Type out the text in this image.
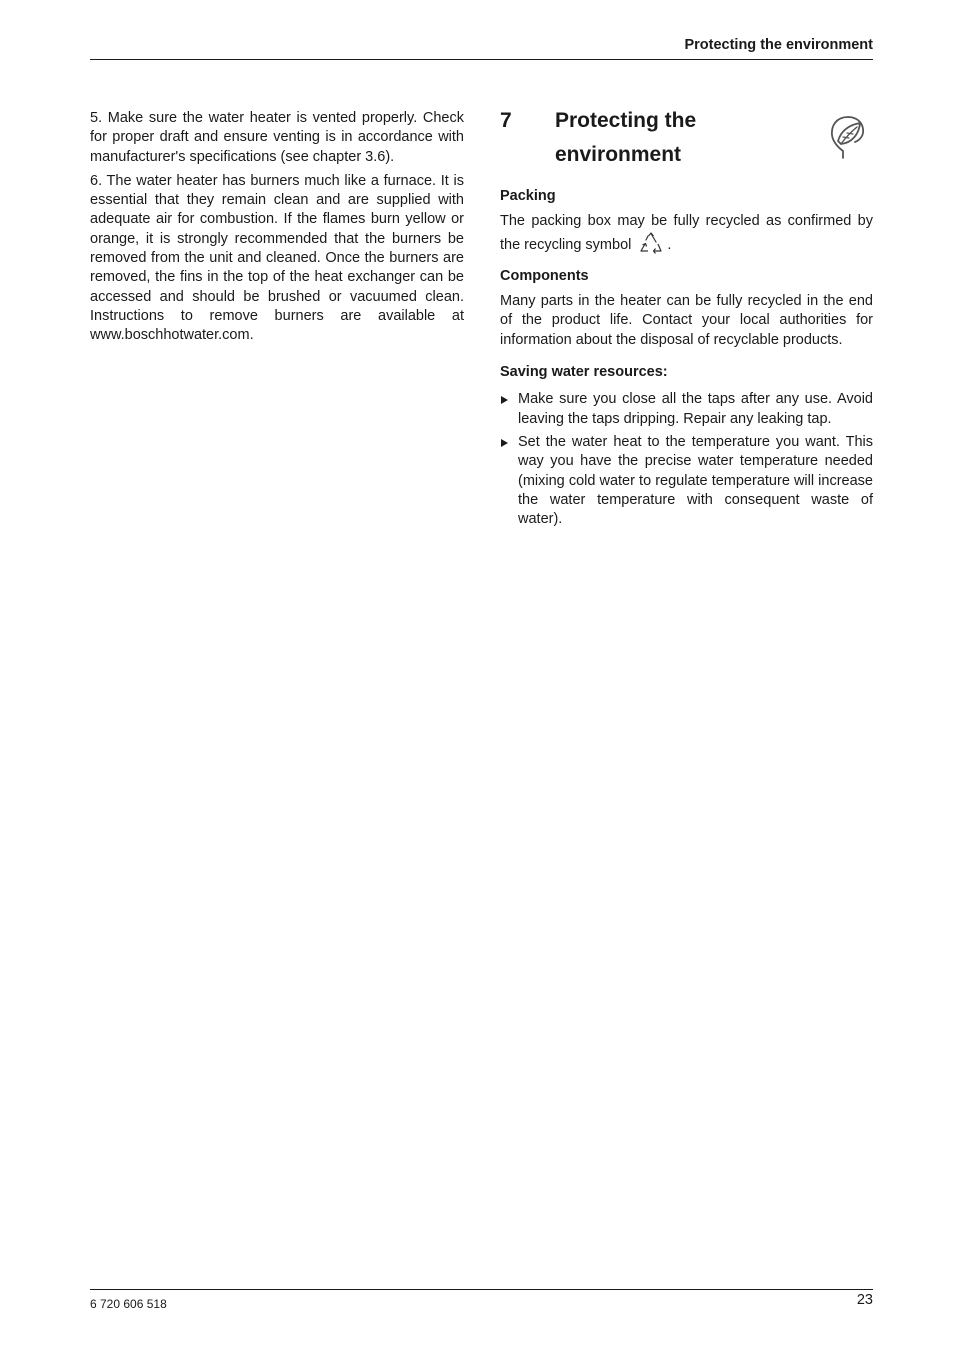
Protecting the environment

5. Make sure the water heater is vented properly. Check for proper draft and ensure venting is in accordance with manufacturer's specifications (see chapter 3.6).

6. The water heater has burners much like a furnace. It is essential that they remain clean and are supplied with adequate air for combustion. If the flames burn yellow or orange, it is strongly recommended that the burners be removed from the unit and cleaned. Once the burners are removed, the fins in the top of the heat exchanger can be accessed and should be brushed or vacuumed clean. Instructions to remove burners are available at www.boschhotwater.com.

7 Protecting the environment
Packing

The packing box may be fully recycled as confirmed by the recycling symbol .

Components

Many parts in the heater can be fully recycled in the end of the product life. Contact your local authorities for information about the disposal of recyclable products.

Saving water resources:
Make sure you close all the taps after any use. Avoid leaving the taps dripping. Repair any leaking tap.
Set the water heat to the temperature you want. This way you have the precise water temperature needed (mixing cold water to regulate temperature will increase the water temperature with consequent waste of water).
6 720 606 518	23
